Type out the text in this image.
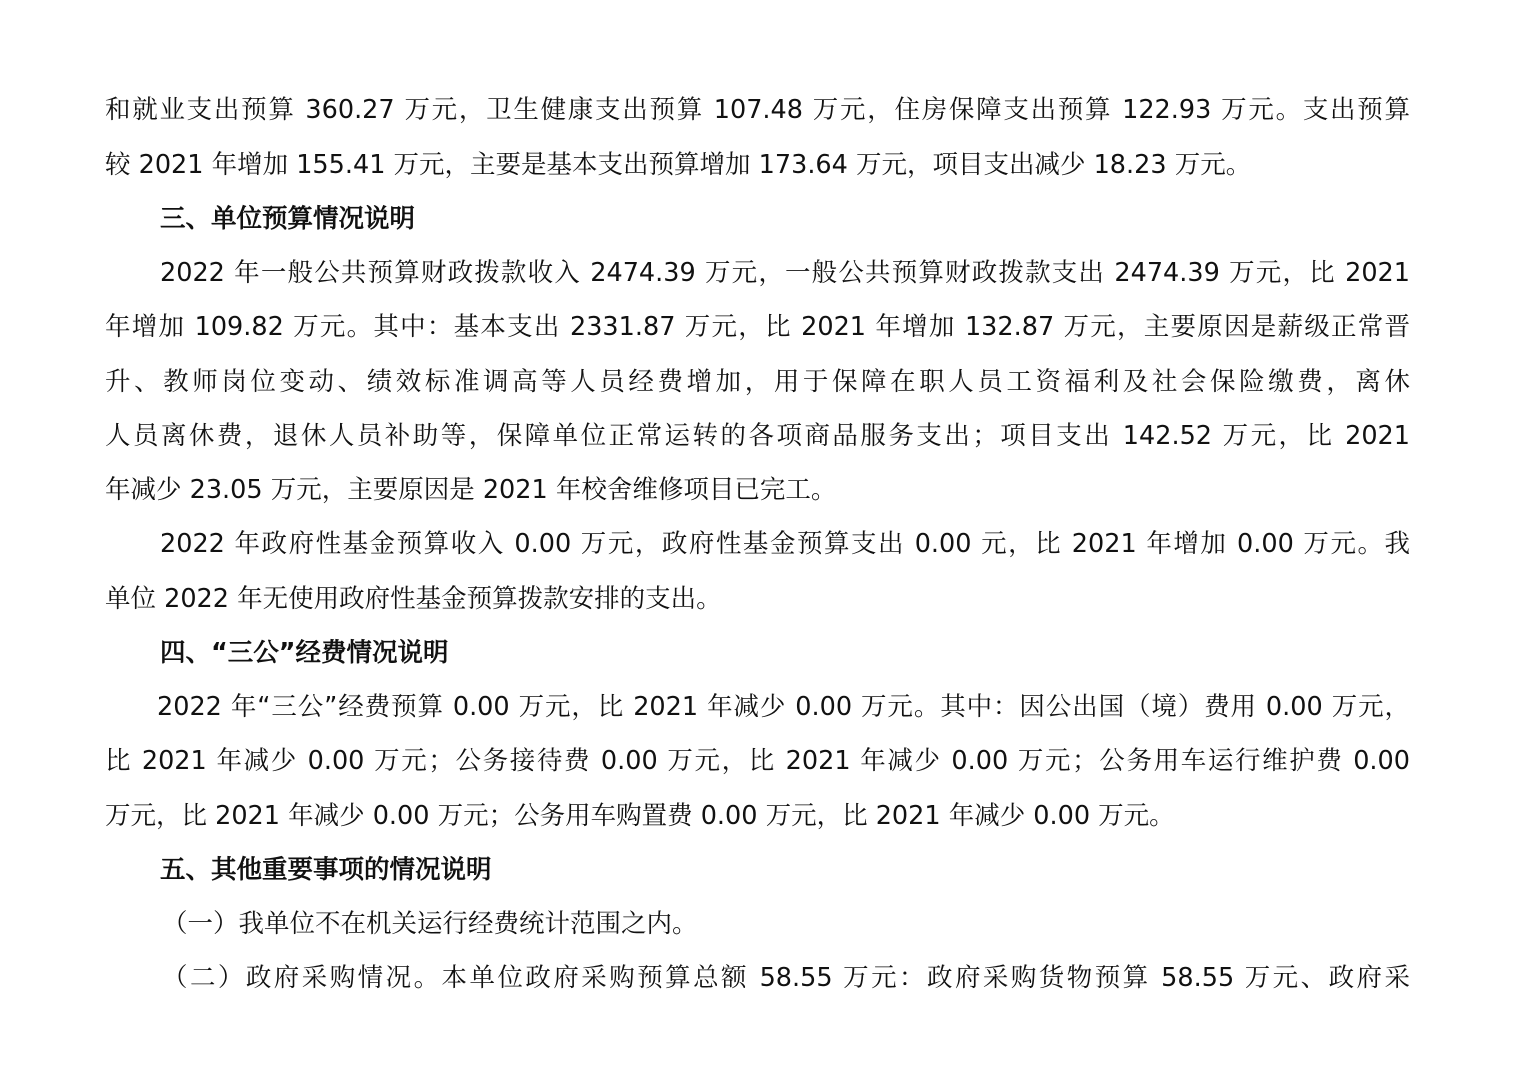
和就业支出预算 360.27 万元，卫生健康支出预算 107.48 万元，住房保障支出预算 122.93 万元。支出预算
较 2021 年增加 155.41 万元，主要是基本支出预算增加 173.64 万元，项目支出减少 18.23 万元。
三、单位预算情况说明
2022 年一般公共预算财政拨款收入 2474.39 万元，一般公共预算财政拨款支出 2474.39 万元，比 2021
年增加 109.82 万元。其中：基本支出 2331.87 万元，比 2021 年增加 132.87 万元，主要原因是薪级正常晋
升、教师岗位变动、绩效标准调高等人员经费增加，用于保障在职人员工资福利及社会保险缴费，离休
人员离休费，退休人员补助等，保障单位正常运转的各项商品服务支出；项目支出 142.52 万元，比 2021
年减少 23.05 万元，主要原因是 2021 年校舍维修项目已完工。
2022 年政府性基金预算收入 0.00 万元，政府性基金预算支出 0.00 元，比 2021 年增加 0.00 万元。我
单位 2022 年无使用政府性基金预算拨款安排的支出。
四、“三公”经费情况说明
2022 年“三公”经费预算 0.00 万元，比 2021 年减少 0.00 万元。其中：因公出国（境）费用 0.00 万元，
比 2021 年减少 0.00 万元；公务接待费 0.00 万元，比 2021 年减少 0.00 万元；公务用车运行维护费 0.00
万元，比 2021 年减少 0.00 万元；公务用车购置费 0.00 万元，比 2021 年减少 0.00 万元。
五、其他重要事项的情况说明
（一）我单位不在机关运行经费统计范围之内。
（二）政府采购情况。本单位政府采购预算总额 58.55 万元：政府采购货物预算 58.55 万元、政府采
